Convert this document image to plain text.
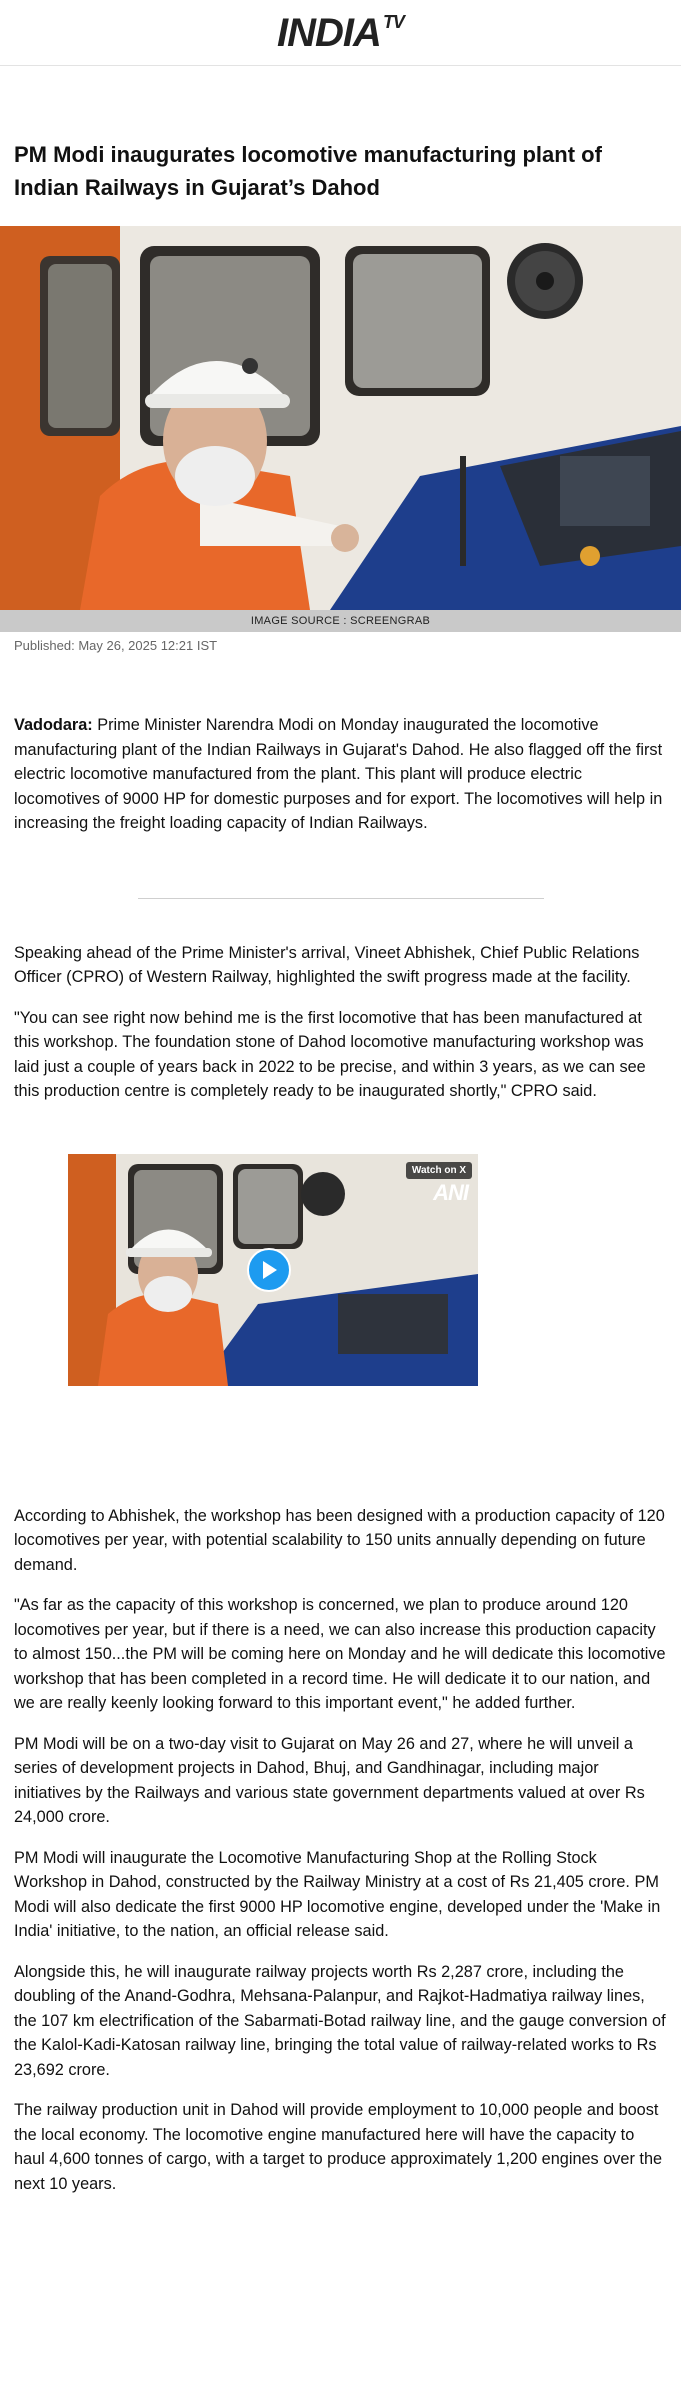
INDIA TV
PM Modi inaugurates locomotive manufacturing plant of Indian Railways in Gujarat’s Dahod
IMAGE SOURCE : SCREENGRAB
Published: May 26, 2025 12:21 IST

Vadodara: Prime Minister Narendra Modi on Monday inaugurated the locomotive manufacturing plant of the Indian Railways in Gujarat's Dahod. He also flagged off the first electric locomotive manufactured from the plant. This plant will produce electric locomotives of 9000 HP for domestic purposes and for export. The locomotives will help in increasing the freight loading capacity of Indian Railways.

Speaking ahead of the Prime Minister's arrival, Vineet Abhishek, Chief Public Relations Officer (CPRO) of Western Railway, highlighted the swift progress made at the facility.

"You can see right now behind me is the first locomotive that has been manufactured at this workshop. The foundation stone of Dahod locomotive manufacturing workshop was laid just a couple of years back in 2022 to be precise, and within 3 years, as we can see this production centre is completely ready to be inaugurated shortly," CPRO said.

Watch on X
ANI

According to Abhishek, the workshop has been designed with a production capacity of 120 locomotives per year, with potential scalability to 150 units annually depending on future demand.

"As far as the capacity of this workshop is concerned, we plan to produce around 120 locomotives per year, but if there is a need, we can also increase this production capacity to almost 150...the PM will be coming here on Monday and he will dedicate this locomotive workshop that has been completed in a record time. He will dedicate it to our nation, and we are really keenly looking forward to this important event," he added further.

PM Modi will be on a two-day visit to Gujarat on May 26 and 27, where he will unveil a series of development projects in Dahod, Bhuj, and Gandhinagar, including major initiatives by the Railways and various state government departments valued at over Rs 24,000 crore.

PM Modi will inaugurate the Locomotive Manufacturing Shop at the Rolling Stock Workshop in Dahod, constructed by the Railway Ministry at a cost of Rs 21,405 crore. PM Modi will also dedicate the first 9000 HP locomotive engine, developed under the 'Make in India' initiative, to the nation, an official release said.

Alongside this, he will inaugurate railway projects worth Rs 2,287 crore, including the doubling of the Anand-Godhra, Mehsana-Palanpur, and Rajkot-Hadmatiya railway lines, the 107 km electrification of the Sabarmati-Botad railway line, and the gauge conversion of the Kalol-Kadi-Katosan railway line, bringing the total value of railway-related works to Rs 23,692 crore.

The railway production unit in Dahod will provide employment to 10,000 people and boost the local economy. The locomotive engine manufactured here will have the capacity to haul 4,600 tonnes of cargo, with a target to produce approximately 1,200 engines over the next 10 years.
